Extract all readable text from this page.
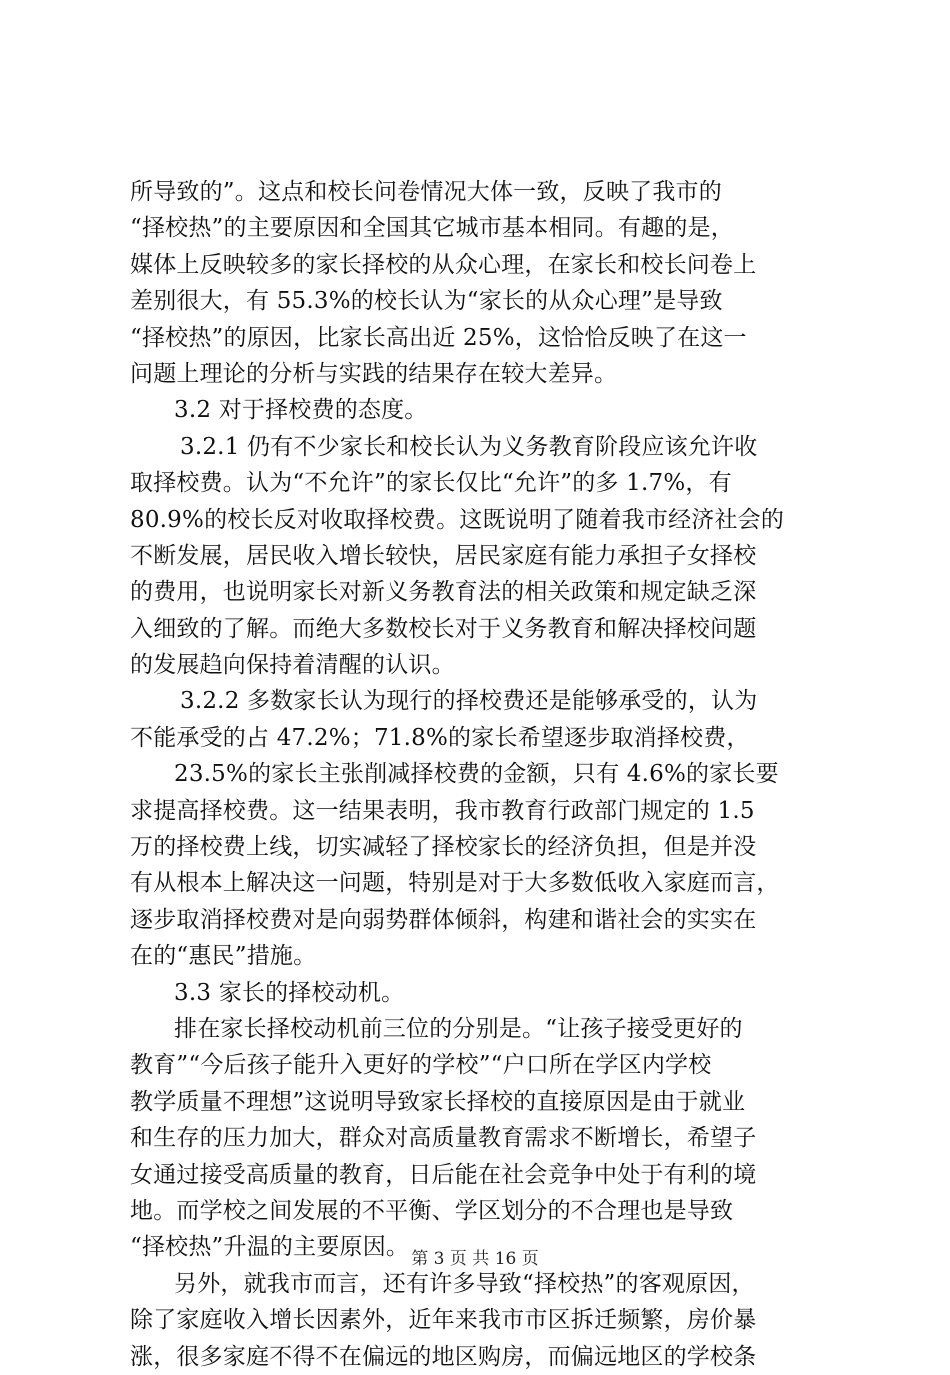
所导致的”。这点和校长问卷情况大体一致，反映了我市的
“择校热”的主要原因和全国其它城市基本相同。有趣的是，
媒体上反映较多的家长择校的从众心理，在家长和校长问卷上
差别很大，有 55.3%的校长认为“家长的从众心理”是导致
“择校热”的原因，比家长高出近 25%，这恰恰反映了在这一
问题上理论的分析与实践的结果存在较大差异。
3.2 对于择校费的态度。
3.2.1 仍有不少家长和校长认为义务教育阶段应该允许收
取择校费。认为“不允许”的家长仅比“允许”的多 1.7%，有
80.9%的校长反对收取择校费。这既说明了随着我市经济社会的
不断发展，居民收入增长较快，居民家庭有能力承担子女择校
的费用，也说明家长对新义务教育法的相关政策和规定缺乏深
入细致的了解。而绝大多数校长对于义务教育和解决择校问题
的发展趋向保持着清醒的认识。
3.2.2 多数家长认为现行的择校费还是能够承受的，认为
不能承受的占 47.2%；71.8%的家长希望逐步取消择校费，
23.5%的家长主张削减择校费的金额，只有 4.6%的家长要
求提高择校费。这一结果表明，我市教育行政部门规定的 1.5
万的择校费上线，切实减轻了择校家长的经济负担，但是并没
有从根本上解决这一问题，特别是对于大多数低收入家庭而言，
逐步取消择校费对是向弱势群体倾斜，构建和谐社会的实实在
在的“惠民”措施。
3.3 家长的择校动机。
排在家长择校动机前三位的分别是。“让孩子接受更好的
教育”“今后孩子能升入更好的学校”“户口所在学区内学校
教学质量不理想”这说明导致家长择校的直接原因是由于就业
和生存的压力加大，群众对高质量教育需求不断增长，希望子
女通过接受高质量的教育，日后能在社会竞争中处于有利的境
地。而学校之间发展的不平衡、学区划分的不合理也是导致
“择校热”升温的主要原因。
另外，就我市而言，还有许多导致“择校热”的客观原因，
除了家庭收入增长因素外，近年来我市市区拆迁频繁，房价暴
涨，很多家庭不得不在偏远的地区购房，而偏远地区的学校条
第 3 页 共 16 页
